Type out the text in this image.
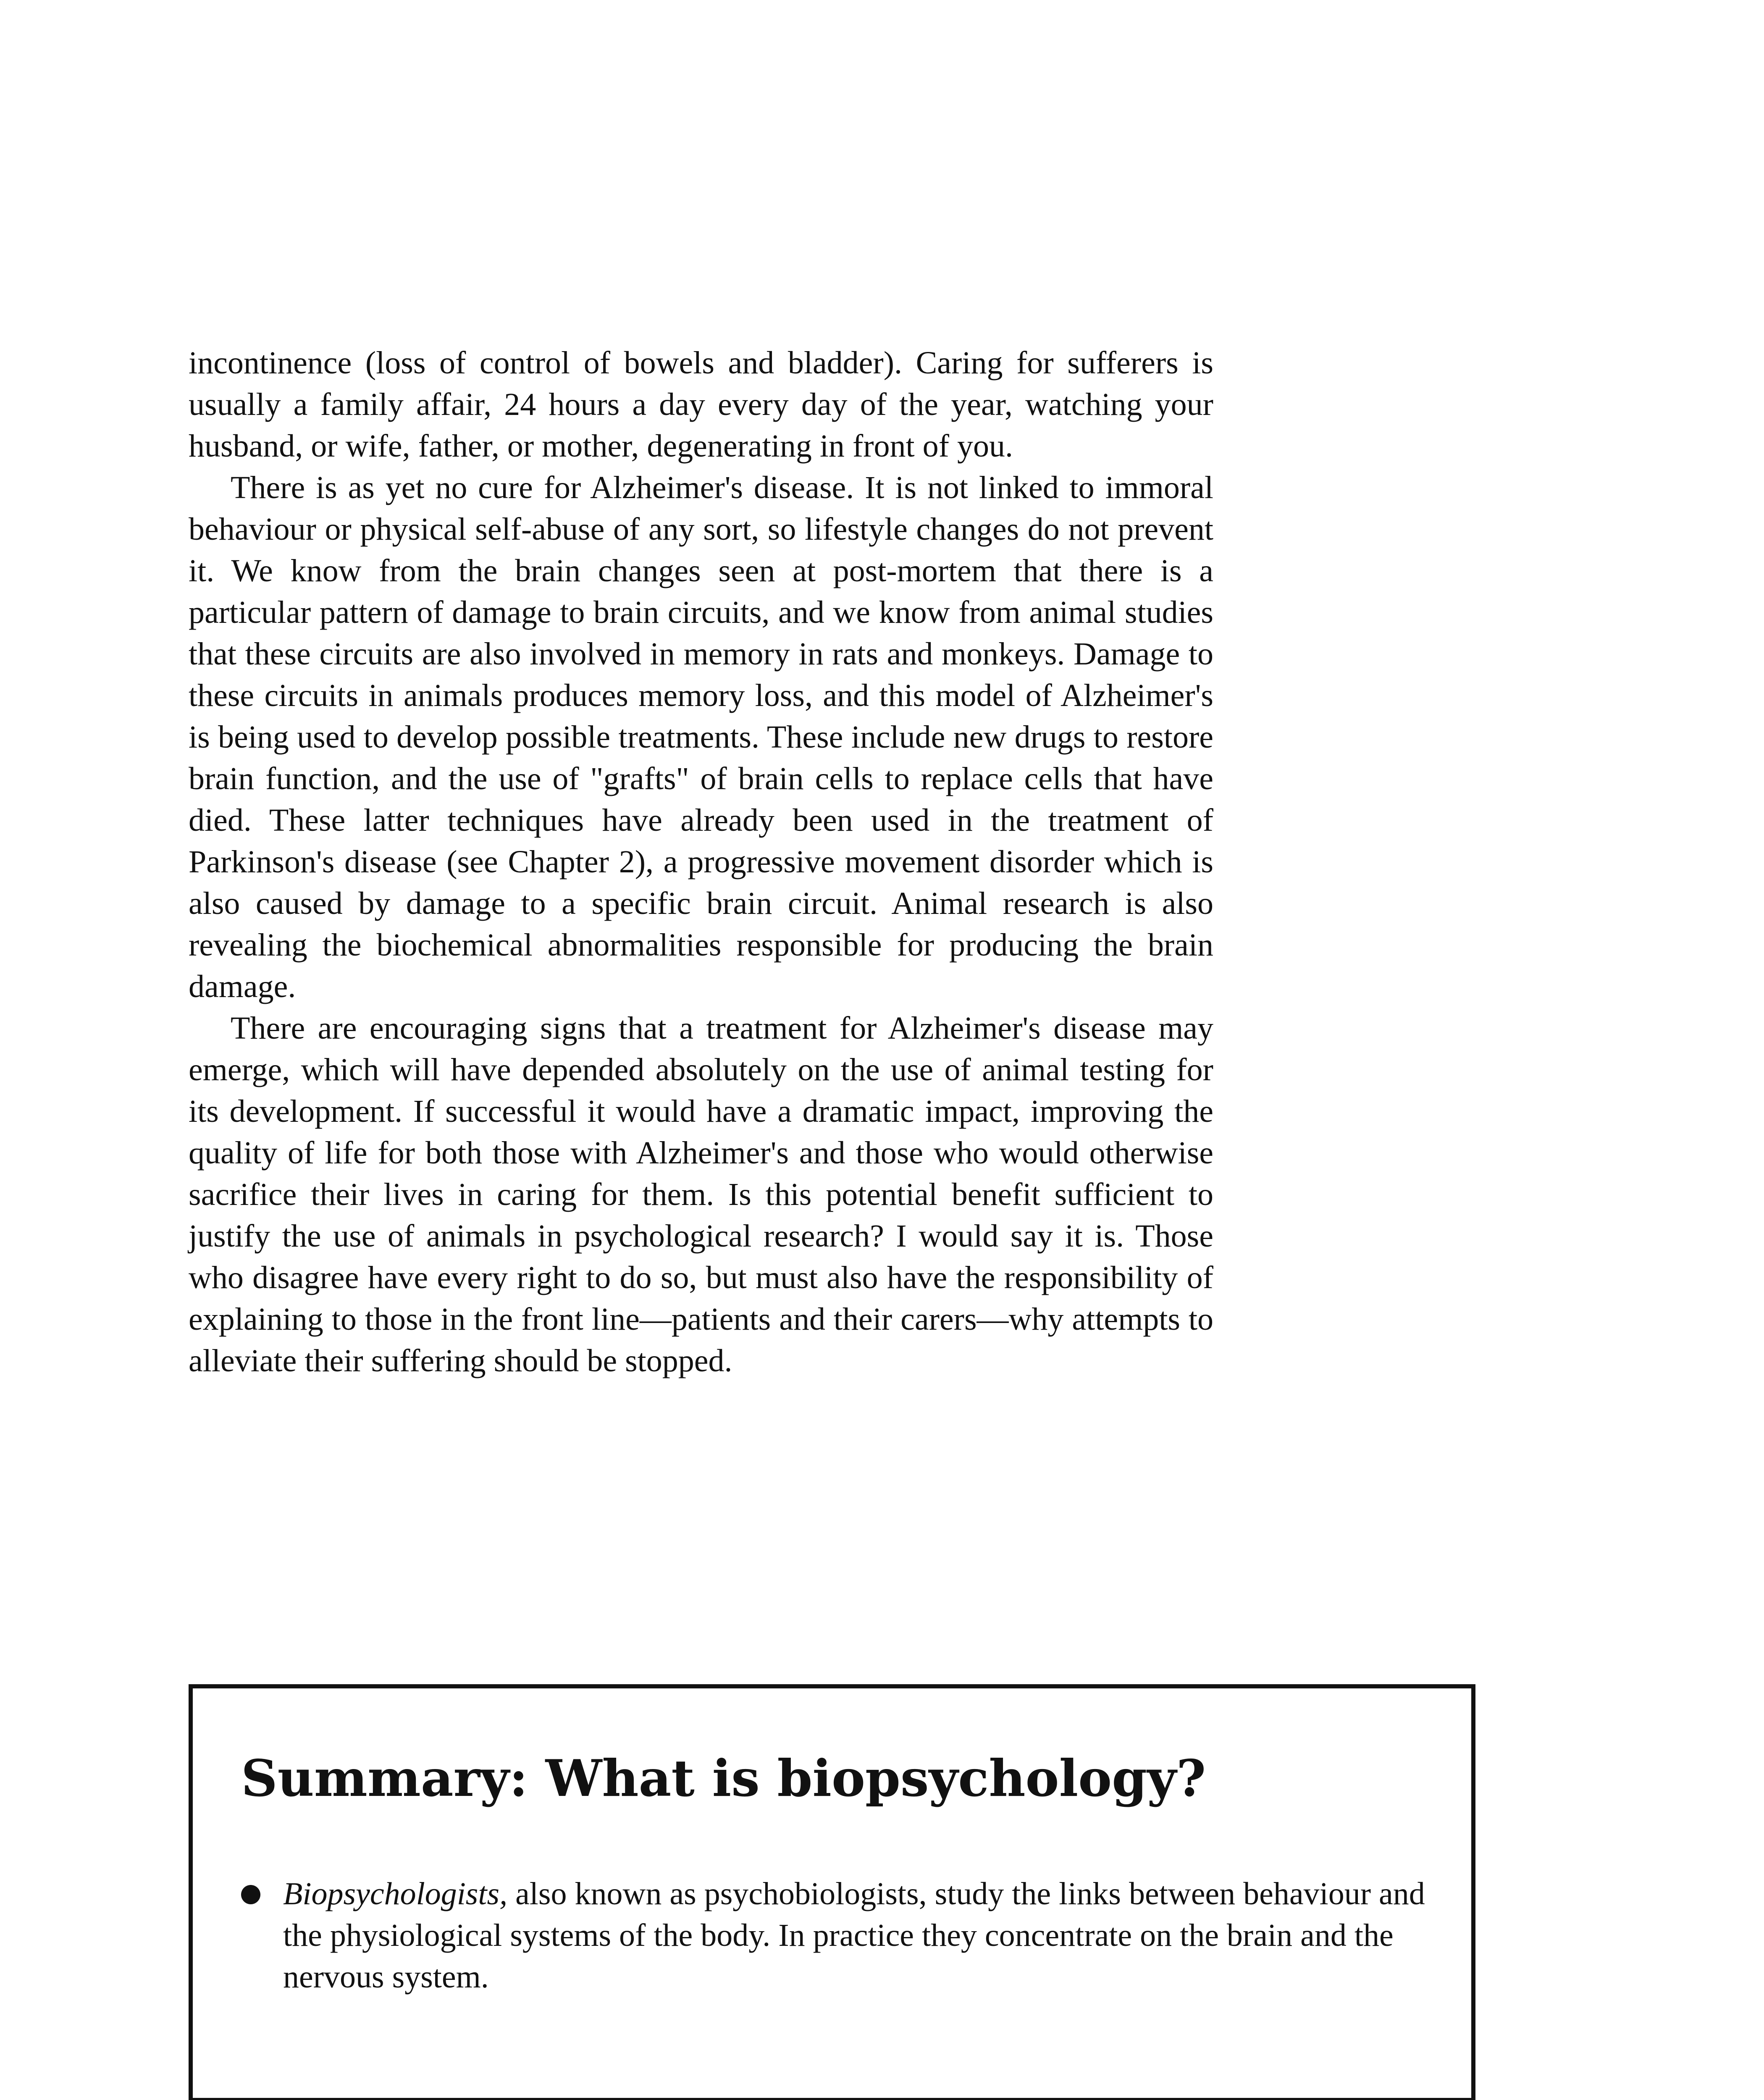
incontinence (loss of control of bowels and bladder). Caring for sufferers is usually a family affair, 24 hours a day every day of the year, watching your husband, or wife, father, or mother, degenerating in front of you.

There is as yet no cure for Alzheimer's disease. It is not linked to immoral behaviour or physical self-abuse of any sort, so lifestyle changes do not prevent it. We know from the brain changes seen at post-mortem that there is a particular pattern of damage to brain circuits, and we know from animal studies that these circuits are also involved in memory in rats and monkeys. Damage to these circuits in animals produces memory loss, and this model of Alzheimer's is being used to develop possible treatments. These include new drugs to restore brain function, and the use of "grafts" of brain cells to replace cells that have died. These latter techniques have already been used in the treatment of Parkinson's disease (see Chapter 2), a progressive movement disorder which is also caused by damage to a specific brain circuit. Animal research is also revealing the biochemical abnormalities responsible for producing the brain damage.

There are encouraging signs that a treatment for Alzheimer's disease may emerge, which will have depended absolutely on the use of animal testing for its development. If successful it would have a dramatic impact, improving the quality of life for both those with Alzheimer's and those who would otherwise sacrifice their lives in caring for them. Is this potential benefit sufficient to justify the use of animals in psychological research? I would say it is. Those who disagree have every right to do so, but must also have the responsibility of explaining to those in the front line—patients and their carers—why attempts to alleviate their suffering should be stopped.

Summary: What is biopsychology?
Biopsychologists, also known as psychobiologists, study the links between behaviour and the physiological systems of the body. In practice they concentrate on the brain and the nervous system.
